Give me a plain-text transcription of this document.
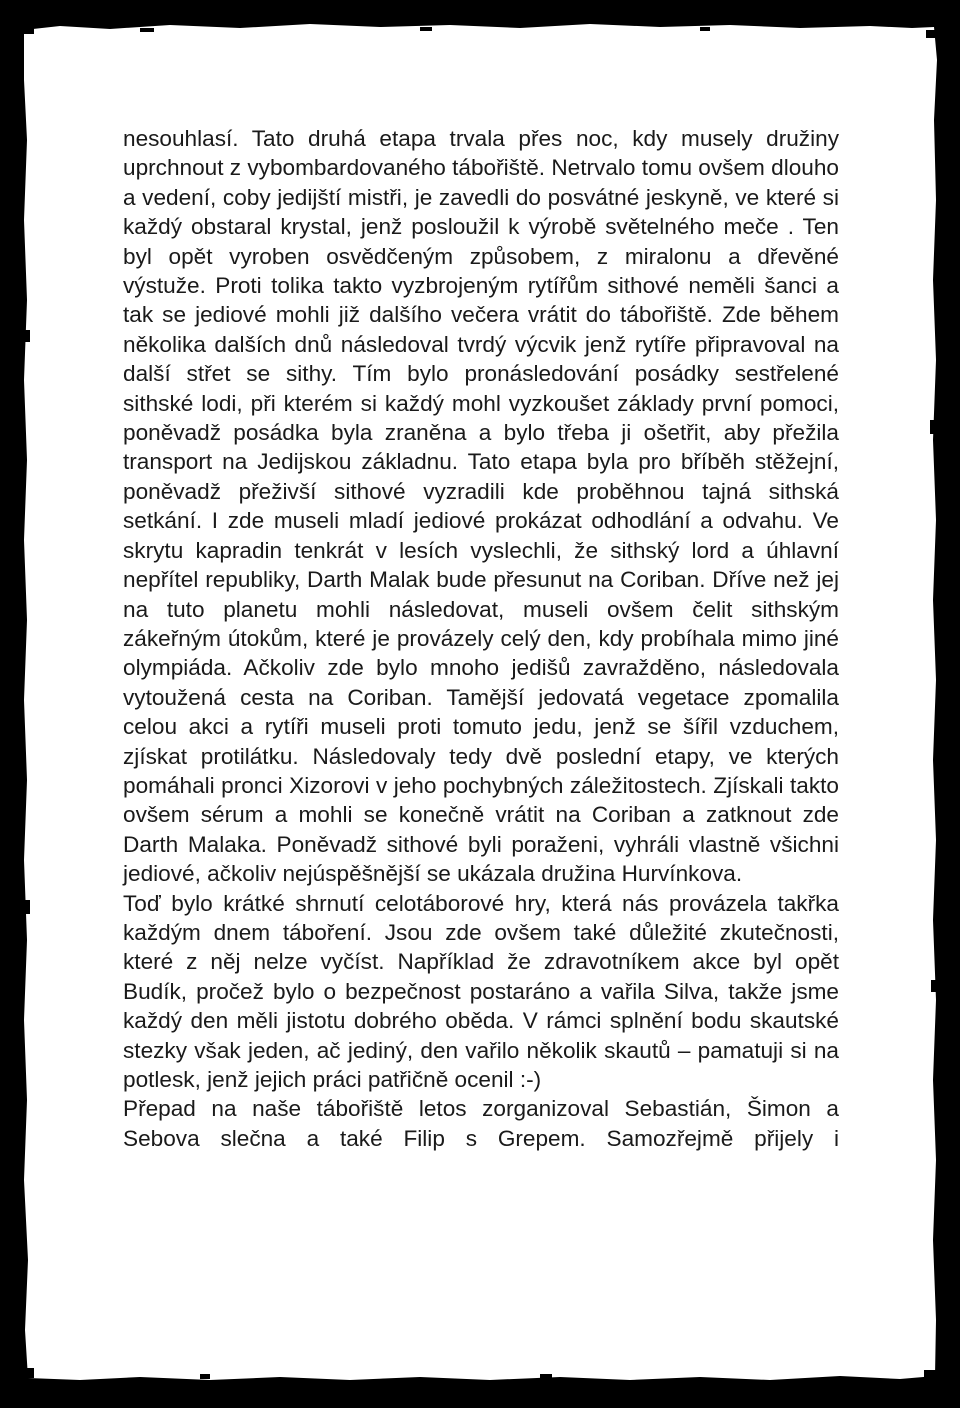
nesouhlasí. Tato druhá etapa trvala přes noc, kdy musely družiny uprchnout z vybombardovaného tábořiště. Netrvalo tomu ovšem dlouho a vedení, coby jedijští mistři, je zavedli do posvátné jeskyně, ve které si každý obstaral krystal, jenž posloužil k výrobě světelného meče . Ten byl opět vyroben osvědčeným způsobem, z miralonu a dřevěné výstuže. Proti tolika takto vyzbrojeným rytířům sithové neměli šanci a tak se jediové mohli již dalšího večera vrátit do tábořiště. Zde během několika dalších dnů následoval tvrdý výcvik jenž rytíře připravoval na další střet se sithy. Tím bylo pronásledování posádky sestřelené sithské lodi, při kterém si každý mohl vyzkoušet základy první pomoci, poněvadž posádka byla zraněna a bylo třeba ji ošetřit, aby přežila transport na Jedijskou základnu. Tato etapa byla pro bříběh stěžejní, poněvadž přeživší sithové vyzradili kde proběhnou tajná sithská setkání. I zde museli mladí jediové prokázat odhodlání a odvahu. Ve skrytu kapradin tenkrát v lesích vyslechli, že sithský lord a úhlavní nepřítel republiky, Darth Malak bude přesunut na Coriban. Dříve než jej na tuto planetu mohli následovat, museli ovšem čelit sithským zákeřným útokům, které je provázely celý den, kdy probíhala mimo jiné olympiáda. Ačkoliv zde bylo mnoho jedišů zavražděno, následovala vytoužená cesta na Coriban. Tamější jedovatá vegetace zpomalila celou akci a rytíři museli proti tomuto jedu, jenž se šířil vzduchem, zjískat protilátku. Následovaly tedy dvě poslední etapy, ve kterých pomáhali pronci Xizorovi v jeho pochybných záležitostech. Zjískali takto ovšem sérum a mohli se konečně vrátit na Coriban a zatknout zde Darth Malaka. Poněvadž sithové byli poraženi, vyhráli vlastně všichni jediové, ačkoliv nejúspěšnější se ukázala družina Hurvínkova.

Toď bylo krátké shrnutí celotáborové hry, která nás provázela takřka každým dnem táboření. Jsou zde ovšem také důležité zkutečnosti, které z něj nelze vyčíst. Například že zdravotníkem akce byl opět Budík, pročež bylo o bezpečnost postaráno a vařila Silva, takže jsme každý den měli jistotu dobrého oběda. V rámci splnění bodu skautské stezky však jeden, ač jediný, den vařilo několik skautů – pamatuji si na potlesk, jenž jejich práci patřičně ocenil :-)

Přepad na naše tábořiště letos zorganizoval Sebastián, Šimon a Sebova slečna a také Filip s Grepem. Samozřejmě přijely i
